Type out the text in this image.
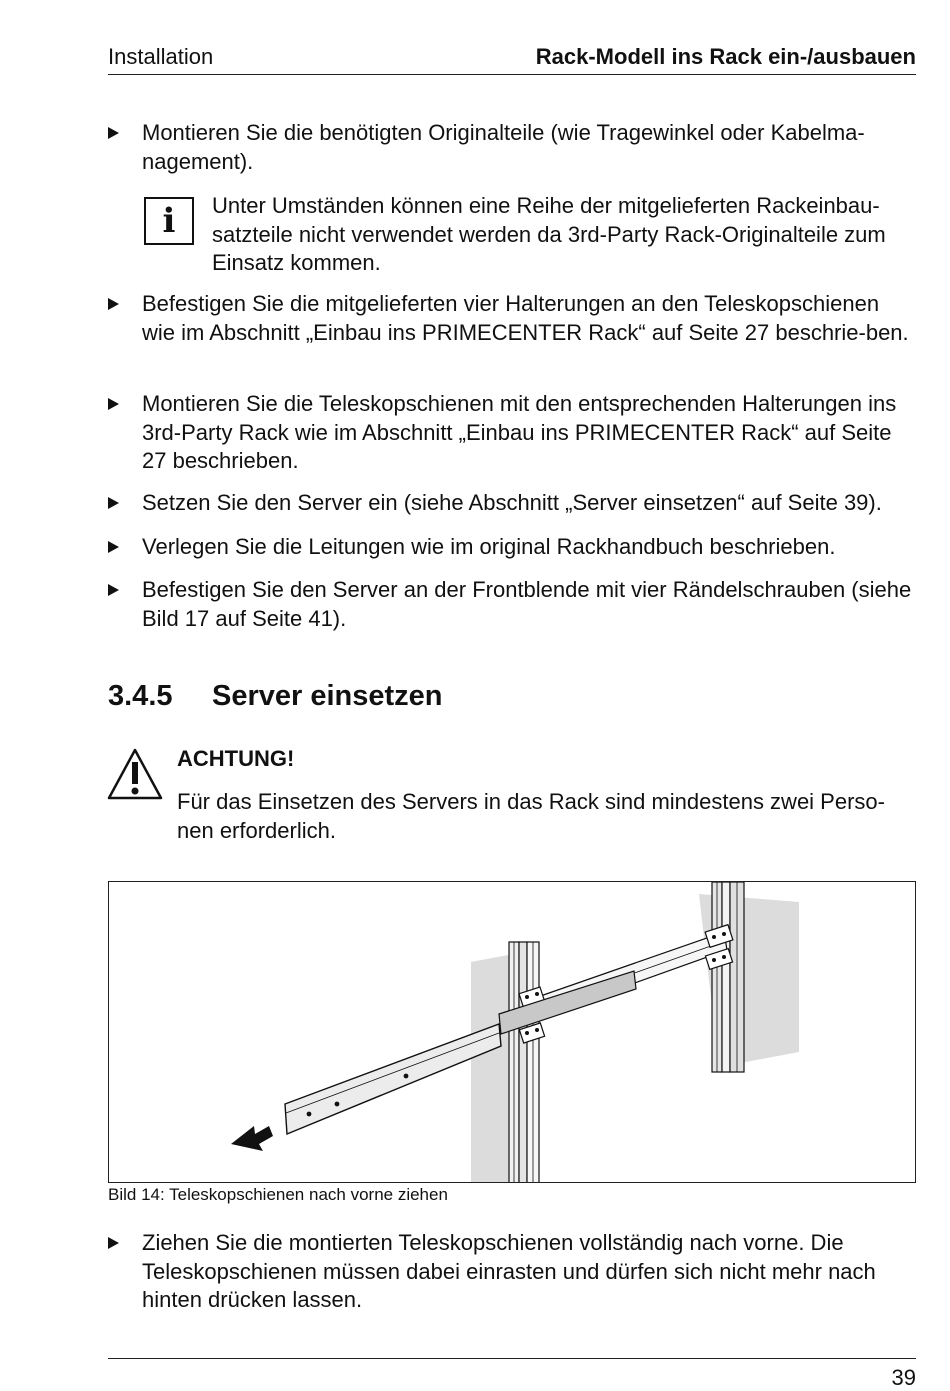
Installation	Rack-Modell ins Rack ein-/ausbauen
Montieren Sie die benötigten Originalteile (wie Tragewinkel oder Kabelma-nagement).
i	Unter Umständen können eine Reihe der mitgelieferten Rackeinbau-satzteile nicht verwendet werden da 3rd-Party Rack-Originalteile zum Einsatz kommen.
Befestigen Sie die mitgelieferten vier Halterungen an den Teleskopschienen wie im Abschnitt „Einbau ins PRIMECENTER Rack“ auf Seite 27 beschrie-ben.
Montieren Sie die Teleskopschienen mit den entsprechenden Halterungen ins 3rd-Party Rack wie im Abschnitt „Einbau ins PRIMECENTER Rack“ auf Seite 27 beschrieben.
Setzen Sie den Server ein (siehe Abschnitt „Server einsetzen“ auf Seite 39).
Verlegen Sie die Leitungen wie im original Rackhandbuch beschrieben.
Befestigen Sie den Server an der Frontblende mit vier Rändelschrauben (siehe Bild 17 auf Seite 41).
3.4.5 Server einsetzen
ACHTUNG!
Für das Einsetzen des Servers in das Rack sind mindestens zwei Perso-nen erforderlich.
Bild 14: Teleskopschienen nach vorne ziehen
Ziehen Sie die montierten Teleskopschienen vollständig nach vorne. Die Teleskopschienen müssen dabei einrasten und dürfen sich nicht mehr nach hinten drücken lassen.
39
